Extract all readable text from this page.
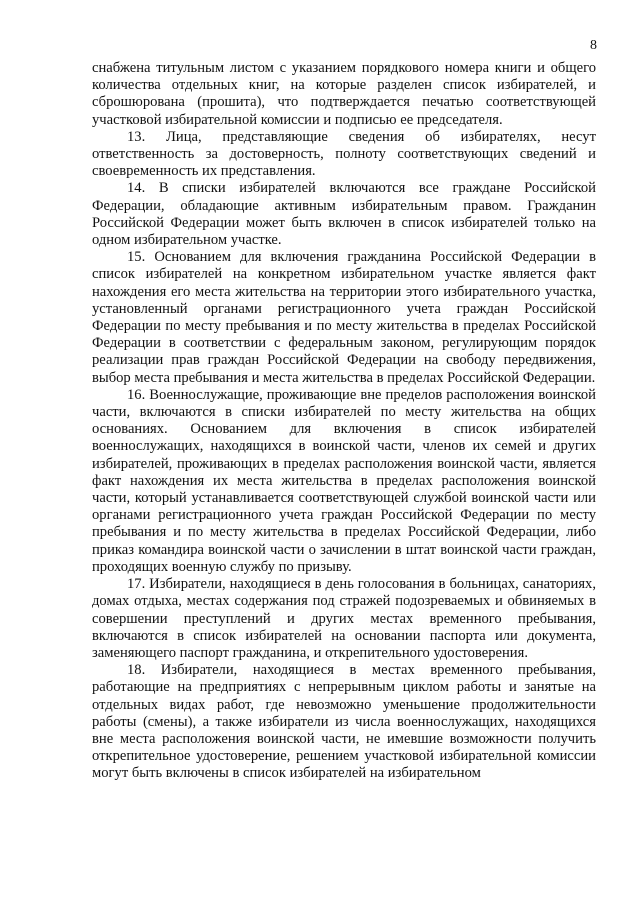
8

снабжена титульным листом с указанием порядкового номера книги и общего количества отдельных книг, на которые разделен список избирателей, и сброшюрована (прошита), что подтверждается печатью соответствующей участковой избирательной комиссии и подписью ее председателя.

13. Лица, представляющие сведения об избирателях, несут ответственность за достоверность, полноту соответствующих сведений и своевременность их представления.

14. В списки избирателей включаются все граждане Российской Федерации, обладающие активным избирательным правом. Гражданин Российской Федерации может быть включен в список избирателей только на одном избирательном участке.

15. Основанием для включения гражданина Российской Федерации в список избирателей на конкретном избирательном участке является факт нахождения его места жительства на территории этого избирательного участка, установленный органами регистрационного учета граждан Российской Федерации по месту пребывания и по месту жительства в пределах Российской Федерации в соответствии с федеральным законом, регулирующим порядок реализации прав граждан Российской Федерации на свободу передвижения, выбор места пребывания и места жительства в пределах Российской Федерации.

16. Военнослужащие, проживающие вне пределов расположения воинской части, включаются в списки избирателей по месту жительства на общих основаниях. Основанием для включения в список избирателей военнослужащих, находящихся в воинской части, членов их семей и других избирателей, проживающих в пределах расположения воинской части, является факт нахождения их места жительства в пределах расположения воинской части, который устанавливается соответствующей службой воинской части или органами регистрационного учета граждан Российской Федерации по месту пребывания и по месту жительства в пределах Российской Федерации, либо приказ командира воинской части о зачислении в штат воинской части граждан, проходящих военную службу по призыву.

17. Избиратели, находящиеся в день голосования в больницах, санаториях, домах отдыха, местах содержания под стражей подозреваемых и обвиняемых в совершении преступлений и других местах временного пребывания, включаются в список избирателей на основании паспорта или документа, заменяющего паспорт гражданина, и открепительного удостоверения.

18. Избиратели, находящиеся в местах временного пребывания, работающие на предприятиях с непрерывным циклом работы и занятые на отдельных видах работ, где невозможно уменьшение продолжительности работы (смены), а также избиратели из числа военнослужащих, находящихся вне места расположения воинской части, не имевшие возможности получить открепительное удостоверение, решением участковой избирательной комиссии могут быть включены в список избирателей на избирательном
